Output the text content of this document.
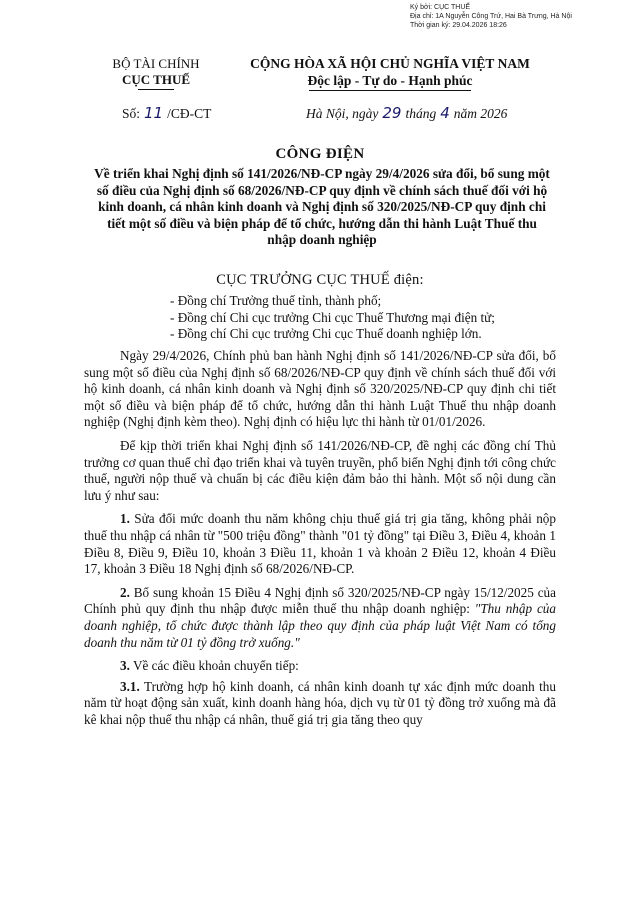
Ký bởi: CỤC THUẾ
Địa chỉ: 1A Nguyễn Công Trứ, Hai Bà Trưng, Hà Nội
Thời gian ký: 29.04.2026 18:26
BỘ TÀI CHÍNH
CỤC THUẾ
CỘNG HÒA XÃ HỘI CHỦ NGHĨA VIỆT NAM
Độc lập - Tự do - Hạnh phúc
Số: 11 /CĐ-CT	Hà Nội, ngày 29 tháng 4 năm 2026
CÔNG ĐIỆN
Về triển khai Nghị định số 141/2026/NĐ-CP ngày 29/4/2026 sửa đổi, bổ sung một số điều của Nghị định số 68/2026/NĐ-CP quy định về chính sách thuế đối với hộ kinh doanh, cá nhân kinh doanh và Nghị định số 320/2025/NĐ-CP quy định chi tiết một số điều và biện pháp để tổ chức, hướng dẫn thi hành Luật Thuế thu nhập doanh nghiệp
CỤC TRƯỞNG CỤC THUẾ điện:
- Đồng chí Trưởng thuế tỉnh, thành phố;
- Đồng chí Chi cục trưởng Chi cục Thuế Thương mại điện tử;
- Đồng chí Chi cục trưởng Chi cục Thuế doanh nghiệp lớn.

Ngày 29/4/2026, Chính phủ ban hành Nghị định số 141/2026/NĐ-CP sửa đổi, bổ sung một số điều của Nghị định số 68/2026/NĐ-CP quy định về chính sách thuế đối với hộ kinh doanh, cá nhân kinh doanh và Nghị định số 320/2025/NĐ-CP quy định chi tiết một số điều và biện pháp để tổ chức, hướng dẫn thi hành Luật Thuế thu nhập doanh nghiệp (Nghị định kèm theo). Nghị định có hiệu lực thi hành từ 01/01/2026.

Để kịp thời triển khai Nghị định số 141/2026/NĐ-CP, đề nghị các đồng chí Thủ trưởng cơ quan thuế chỉ đạo triển khai và tuyên truyền, phổ biến Nghị định tới công chức thuế, người nộp thuế và chuẩn bị các điều kiện đảm bảo thi hành. Một số nội dung cần lưu ý như sau:

1. Sửa đổi mức doanh thu năm không chịu thuế giá trị gia tăng, không phải nộp thuế thu nhập cá nhân từ "500 triệu đồng" thành "01 tỷ đồng" tại Điều 3, Điều 4, khoản 1 Điều 8, Điều 9, Điều 10, khoản 3 Điều 11, khoản 1 và khoản 2 Điều 12, khoản 4 Điều 17, khoản 3 Điều 18 Nghị định số 68/2026/NĐ-CP.

2. Bổ sung khoản 15 Điều 4 Nghị định số 320/2025/NĐ-CP ngày 15/12/2025 của Chính phủ quy định thu nhập được miễn thuế thu nhập doanh nghiệp: "Thu nhập của doanh nghiệp, tổ chức được thành lập theo quy định của pháp luật Việt Nam có tổng doanh thu năm từ 01 tỷ đồng trở xuống."

3. Về các điều khoản chuyển tiếp:

3.1. Trường hợp hộ kinh doanh, cá nhân kinh doanh tự xác định mức doanh thu năm từ hoạt động sản xuất, kinh doanh hàng hóa, dịch vụ từ 01 tỷ đồng trở xuống mà đã kê khai nộp thuế thu nhập cá nhân, thuế giá trị gia tăng theo quy
